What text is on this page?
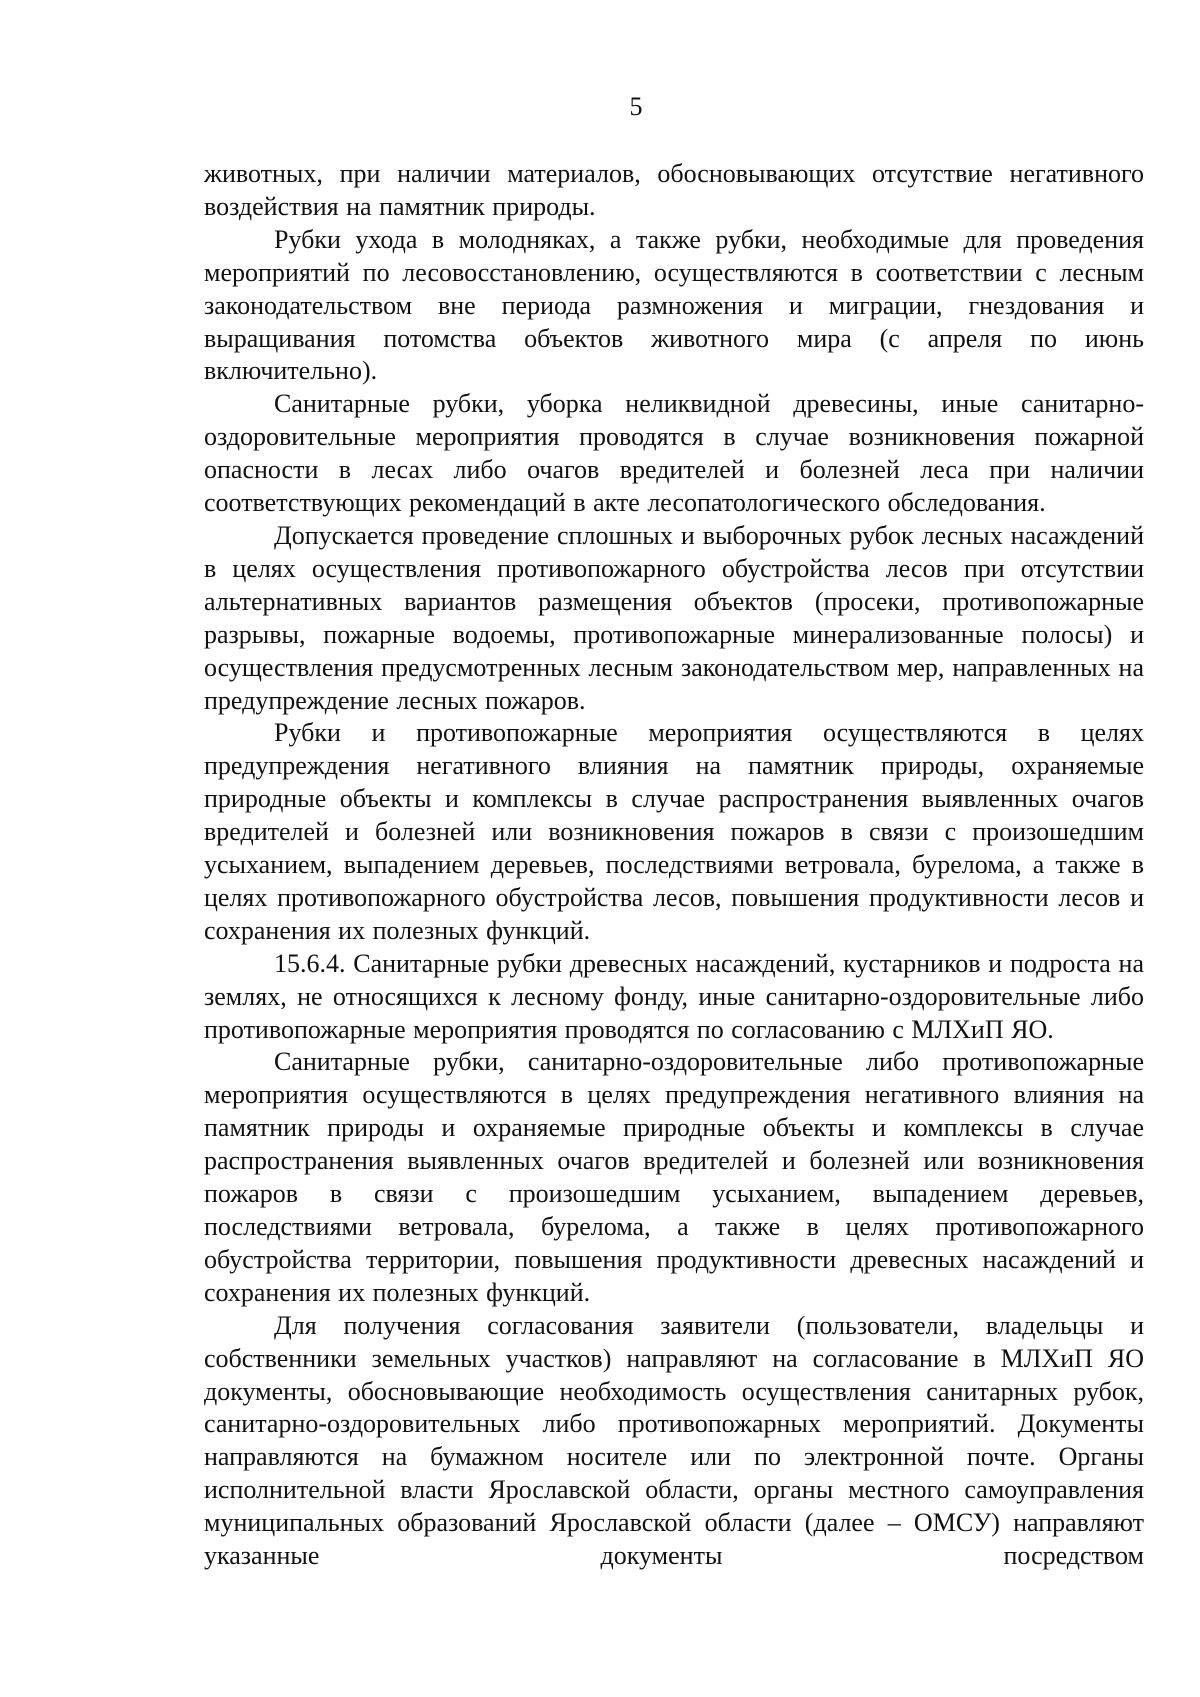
5

животных, при наличии материалов, обосновывающих отсутствие негативного воздействия на памятник природы.

Рубки ухода в молодняках, а также рубки, необходимые для проведения мероприятий по лесовосстановлению, осуществляются в соответствии с лесным законодательством вне периода размножения и миграции, гнездования и выращивания потомства объектов животного мира (с апреля по июнь включительно).

Санитарные рубки, уборка неликвидной древесины, иные санитарно-оздоровительные мероприятия проводятся в случае возникновения пожарной опасности в лесах либо очагов вредителей и болезней леса при наличии соответствующих рекомендаций в акте лесопатологического обследования.

Допускается проведение сплошных и выборочных рубок лесных насаждений в целях осуществления противопожарного обустройства лесов при отсутствии альтернативных вариантов размещения объектов (просеки, противопожарные разрывы, пожарные водоемы, противопожарные минерализованные полосы) и осуществления предусмотренных лесным законодательством мер, направленных на предупреждение лесных пожаров.

Рубки и противопожарные мероприятия осуществляются в целях предупреждения негативного влияния на памятник природы, охраняемые природные объекты и комплексы в случае распространения выявленных очагов вредителей и болезней или возникновения пожаров в связи с произошедшим усыханием, выпадением деревьев, последствиями ветровала, бурелома, а также в целях противопожарного обустройства лесов, повышения продуктивности лесов и сохранения их полезных функций.

15.6.4. Санитарные рубки древесных насаждений, кустарников и подроста на землях, не относящихся к лесному фонду, иные санитарно-оздоровительные либо противопожарные мероприятия проводятся по согласованию с МЛХиП ЯО.

Санитарные рубки, санитарно-оздоровительные либо противопожарные мероприятия осуществляются в целях предупреждения негативного влияния на памятник природы и охраняемые природные объекты и комплексы в случае распространения выявленных очагов вредителей и болезней или возникновения пожаров в связи с произошедшим усыханием, выпадением деревьев, последствиями ветровала, бурелома, а также в целях противопожарного обустройства территории, повышения продуктивности древесных насаждений и сохранения их полезных функций.

Для получения согласования заявители (пользователи, владельцы и собственники земельных участков) направляют на согласование в МЛХиП ЯО документы, обосновывающие необходимость осуществления санитарных рубок, санитарно-оздоровительных либо противопожарных мероприятий. Документы направляются на бумажном носителе или по электронной почте. Органы исполнительной власти Ярославской области, органы местного самоуправления муниципальных образований Ярославской области (далее – ОМСУ) направляют указанные документы посредством
